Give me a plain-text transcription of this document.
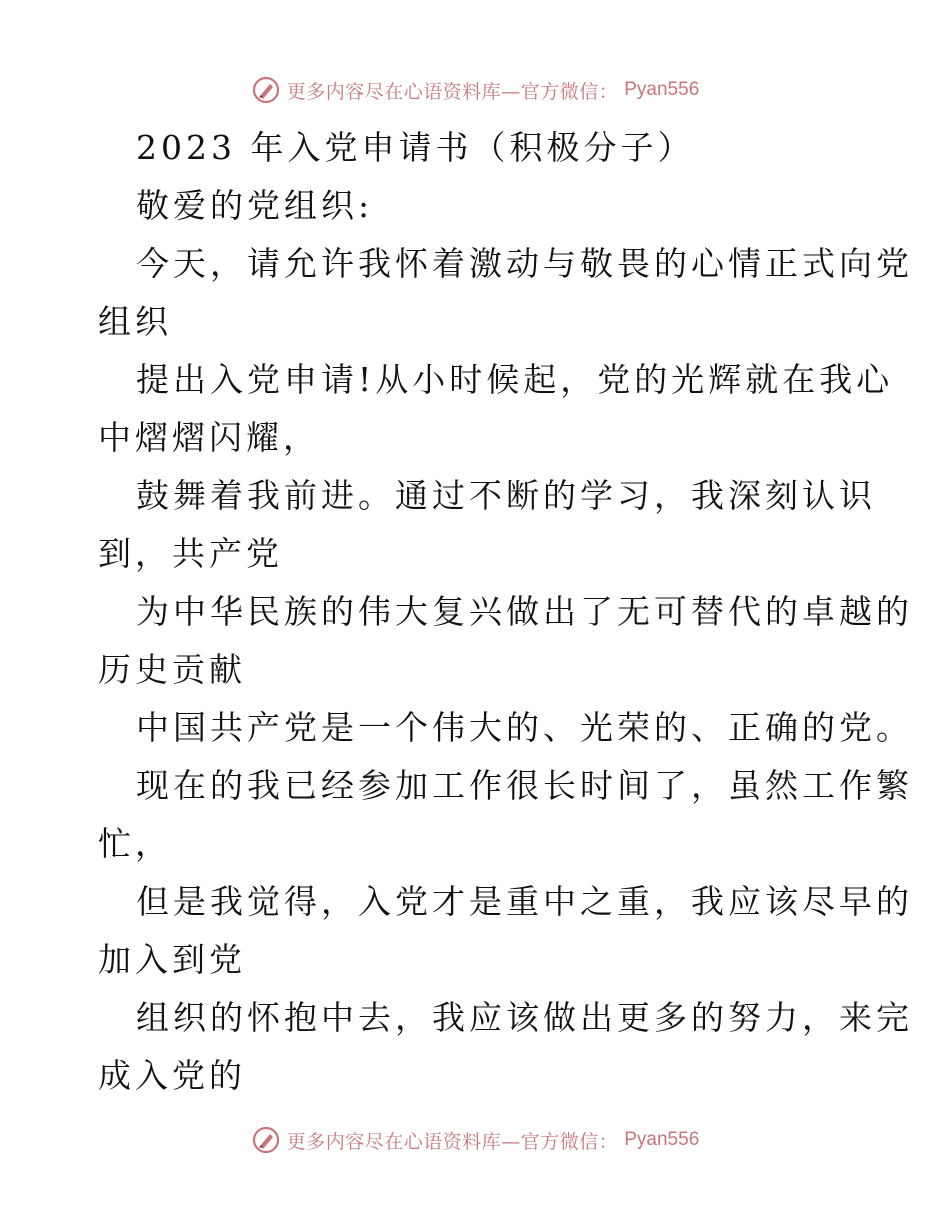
更多内容尽在心语资料库—官方微信： Pyan556
2023 年入党申请书（积极分子）
敬爱的党组织:
今天，请允许我怀着激动与敬畏的心情正式向党
组织
提出入党申请!从小时候起，党的光辉就在我心
中熠熠闪耀，
鼓舞着我前进。通过不断的学习，我深刻认识
到，共产党
为中华民族的伟大复兴做出了无可替代的卓越的
历史贡献
中国共产党是一个伟大的、光荣的、正确的党。
现在的我已经参加工作很长时间了，虽然工作繁
忙，
但是我觉得，入党才是重中之重，我应该尽早的
加入到党
组织的怀抱中去，我应该做出更多的努力，来完
成入党的
更多内容尽在心语资料库—官方微信： Pyan556
